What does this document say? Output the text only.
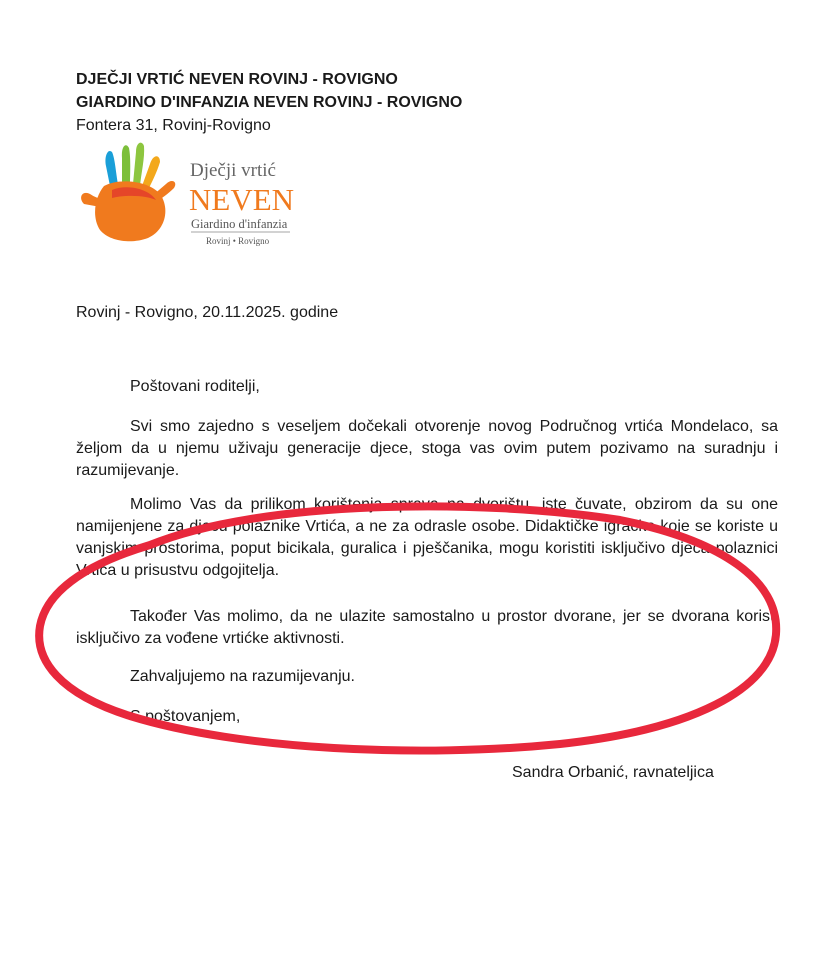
DJEČJI VRTIĆ NEVEN ROVINJ - ROVIGNO
GIARDINO D'INFANZIA NEVEN ROVINJ - ROVIGNO
Fontera 31, Rovinj-Rovigno
Dječji vrtić
NEVEN
Giardino d'infanzia
Rovinj • Rovigno
Rovinj - Rovigno, 20.11.2025. godine

Poštovani roditelji,

Svi smo zajedno s veseljem dočekali otvorenje novog Područnog vrtića Mondelaco, sa željom da u njemu uživaju generacije djece, stoga vas ovim putem pozivamo na suradnju i razumijevanje.

Molimo Vas da prilikom korištenja sprava na dvorištu, iste čuvate, obzirom da su one namijenjene za djecu polaznike Vrtića, a ne za odrasle osobe. Didaktičke igračke koje se koriste u vanjskim prostorima, poput bicikala, guralica i pješčanika, mogu koristiti isključivo djeca polaznici Vrtića u prisustvu odgojitelja.

Također Vas molimo, da ne ulazite samostalno u prostor dvorane, jer se dvorana koristi isključivo za vođene vrtićke aktivnosti.

Zahvaljujemo na razumijevanju.

S poštovanjem,

Sandra Orbanić, ravnateljica
